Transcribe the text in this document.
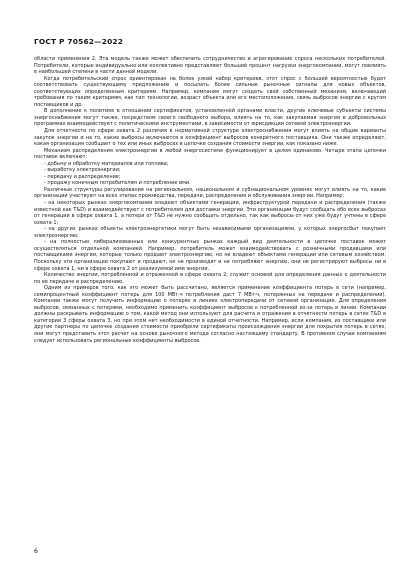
ГОСТ Р 70562—2022

области применения 2. Эта модель также может обеспечить сотрудничество и агрегирование спроса нескольких потребителей. Потребители, которые индивидуально или коллективно представляют больший процент нагрузки энергокомпании, могут повлиять в наибольшей степени в части данной модели.

Когда потребительский спрос ориентирован на более узкий набор критериев, этот спрос с большей вероятностью будет соответствовать существующему предложению и посылать более сильные рыночные сигналы для новых объектов, соответствующих определенным критериям. Например, компания могут создать свой собственный механизм, включающий требования по таким критериям, как тип технологии, возраст объекта или его местоположение, связь выбросов энергии с кругом поставщиков и др.

В дополнение к политике в отношении сертификатов, установленной органами власти, другие ключевые субъекты системы энергоснабжения могут также, посредством своего свободного выбора, влиять на то, как закупаемая энергия в добровольных программах взаимодействует с политическими инструментами, в зависимости от юрисдикции сетевой электроэнергии.

Для отчетности по сфере охвата 2 различия в нормативной структуре электроснабжения могут влиять на общие варианты закупок энергии и на то, какие выбросы включаются в коэффициент выбросов конкретного поставщика. Они также определяют, какая организация сообщает о тех или иных выбросах в цепочке создания стоимости энергии, как показано ниже.

Механизм распределения электроэнергии в любой энергосистеме функционирует в целом одинаково. Четыре этапа цепочки поставок включают:

- добычу и обработку материалов или топлива;

- выработку электроэнергии;

- передачу и распределение;

- продажу конечным потребителям и потребление ими.

Различные структуры регулирования на региональном, национальном и субнациональном уровнях могут влиять на то, какие организации участвуют на всех этапах производства, передачи, распределения и обслуживания энергии. Например:

- на некоторых рынках энергокомпании владеют объектами генерации, инфраструктурой передачи и распределения (также известной как T&D) и взаимодействуют с потребителем для доставки энергии. Эти организации будут сообщать обо всех выбросах от генерации в сфере охвата 1, а потери от T&D не нужно сообщать отдельно, так как выбросы от них уже будут учтены в сфере охвата 1;

- на других рынках объекты электроэнергетики могут быть независимыми организациями, у которых энергосбыт покупает электроэнергию;

- на полностью либерализованных или конкурентных рынках каждый вид деятельности в цепочке поставок может осуществляться отдельной компанией. Например, потребитель может взаимодействовать с розничными продавцами или поставщиками энергии, которые только продают электроэнергию, но не владеют объектами генерации или сетевым хозяйством. Поскольку эти организации покупают и продают, но не производят и не потребляют энергию, они не регистрируют выбросы ни в сфере охвата 1, ни в сфере охвата 2 от реализуемой ими энергии.

Количество энергии, потребленной и отраженной в сфере охвата 2, служит основой для определения данных о деятельности по ее передаче и распределению.

Одним из примеров того, как это может быть рассчитано, является применение коэффициента потерь в сети (например, семипроцентный коэффициент потерь для 100 МВт·ч потребления даст 7 МВт·ч, потерянных на передаче и распределении). Компании также могут получить информацию о потерях в линиях электропередачи от сетевой организации. Для определения выбросов, связанных с потерями, необходимо применить коэффициент выбросов к потребленной из-за потерь в линии. Компании должны раскрывать информацию о том, какой метод они используют для расчета и отражения в отчетности потерь в сетях T&D в категории 3 сферы охвата 3, но при этом нет необходимости в единой отчетности. Например, если компания, из поставщики или другие партнеры по цепочке создания стоимости приобрели сертификаты происхождения энергии для покрытия потерь в сетях, они могут представить этот расчет на основе рыночного метода согласно настоящему стандарту. В противном случае компаниям следует использовать региональные коэффициенты выбросов.

6
